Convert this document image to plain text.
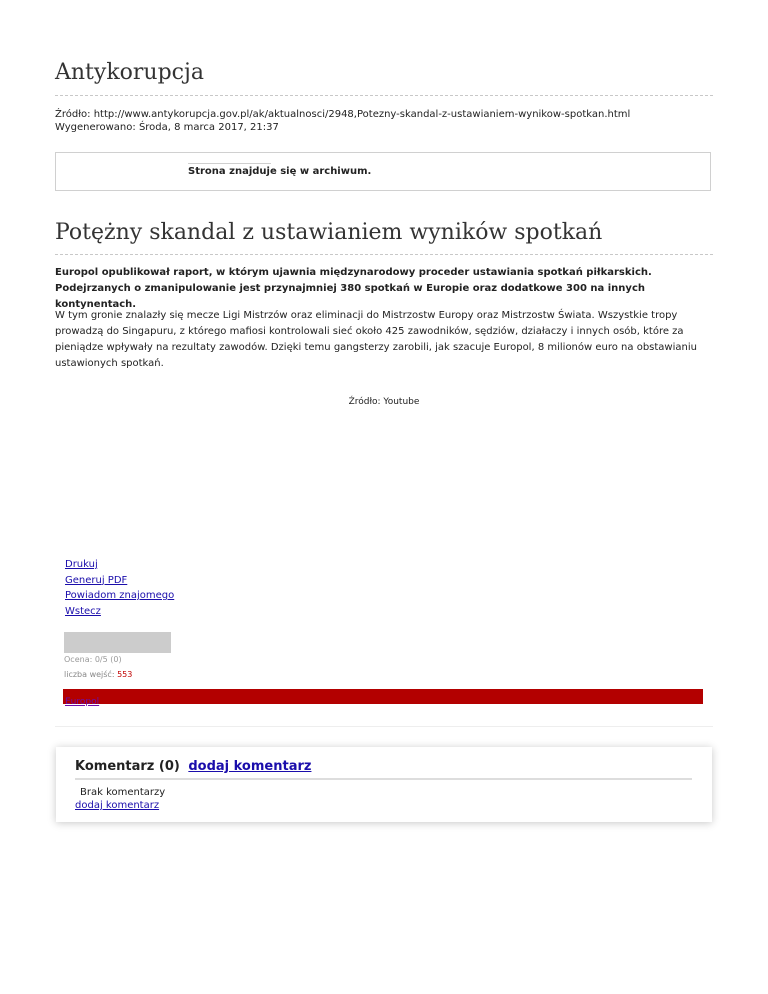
Antykorupcja
Źródło: http://www.antykorupcja.gov.pl/ak/aktualnosci/2948,Potezny-skandal-z-ustawianiem-wynikow-spotkan.html
Wygenerowano: Środa, 8 marca 2017, 21:37
Strona znajduje się w archiwum.
Potężny skandal z ustawianiem wyników spotkań
Europol opublikował raport, w którym ujawnia międzynarodowy proceder ustawiania spotkań piłkarskich. Podejrzanych o zmanipulowanie jest przynajmniej 380 spotkań w Europie oraz dodatkowe 300 na innych kontynentach.
W tym gronie znalazły się mecze Ligi Mistrzów oraz eliminacji do Mistrzostw Europy oraz Mistrzostw Świata. Wszystkie tropy prowadzą do Singapuru, z którego mafiosi kontrolowali sieć około 425 zawodników, sędziów, działaczy i innych osób, które za pieniądze wpływały na rezultaty zawodów. Dzięki temu gangsterzy zarobili, jak szacuje Europol, 8 milionów euro na obstawianiu ustawionych spotkań.
Źródło: Youtube
Drukuj
Generuj PDF
Powiadom znajomego
Wstecz
Ocena: 0/5 (0)
liczba wejść: 553
Europol
Komentarz (0) dodaj komentarz
Brak komentarzy
dodaj komentarz
